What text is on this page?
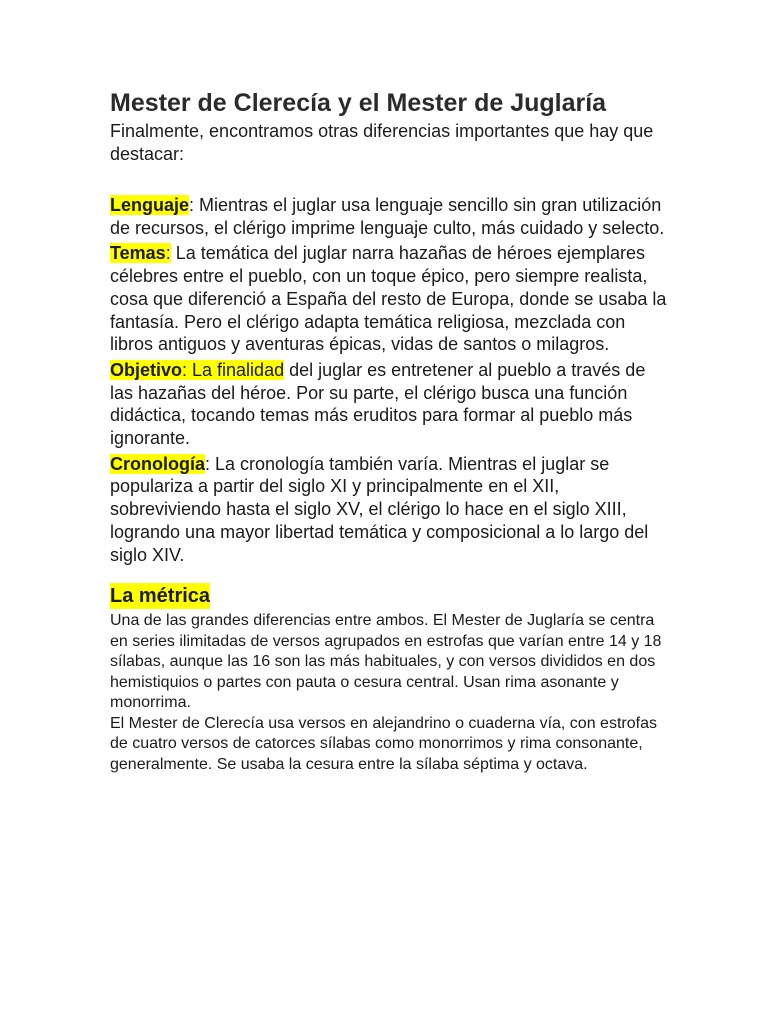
Mester de Clerecía y el Mester de Juglaría

Finalmente, encontramos otras diferencias importantes que hay que destacar:

Lenguaje: Mientras el juglar usa lenguaje sencillo sin gran utilización de recursos, el clérigo imprime lenguaje culto, más cuidado y selecto.

Temas: La temática del juglar narra hazañas de héroes ejemplares célebres entre el pueblo, con un toque épico, pero siempre realista, cosa que diferenció a España del resto de Europa, donde se usaba la fantasía. Pero el clérigo adapta temática religiosa, mezclada con libros antiguos y aventuras épicas, vidas de santos o milagros.

Objetivo: La finalidad del juglar es entretener al pueblo a través de las hazañas del héroe. Por su parte, el clérigo busca una función didáctica, tocando temas más eruditos para formar al pueblo más ignorante.

Cronología: La cronología también varía. Mientras el juglar se populariza a partir del siglo XI y principalmente en el XII, sobreviviendo hasta el siglo XV, el clérigo lo hace en el siglo XIII, logrando una mayor libertad temática y composicional a lo largo del siglo XIV.

La métrica

Una de las grandes diferencias entre ambos. El Mester de Juglaría se centra en series ilimitadas de versos agrupados en estrofas que varían entre 14 y 18 sílabas, aunque las 16 son las más habituales, y con versos divididos en dos hemistiquios o partes con pauta o cesura central. Usan rima asonante y monorrima.

El Mester de Clerecía usa versos en alejandrino o cuaderna vía, con estrofas de cuatro versos de catorces sílabas como monorrimos y rima consonante, generalmente. Se usaba la cesura entre la sílaba séptima y octava.
